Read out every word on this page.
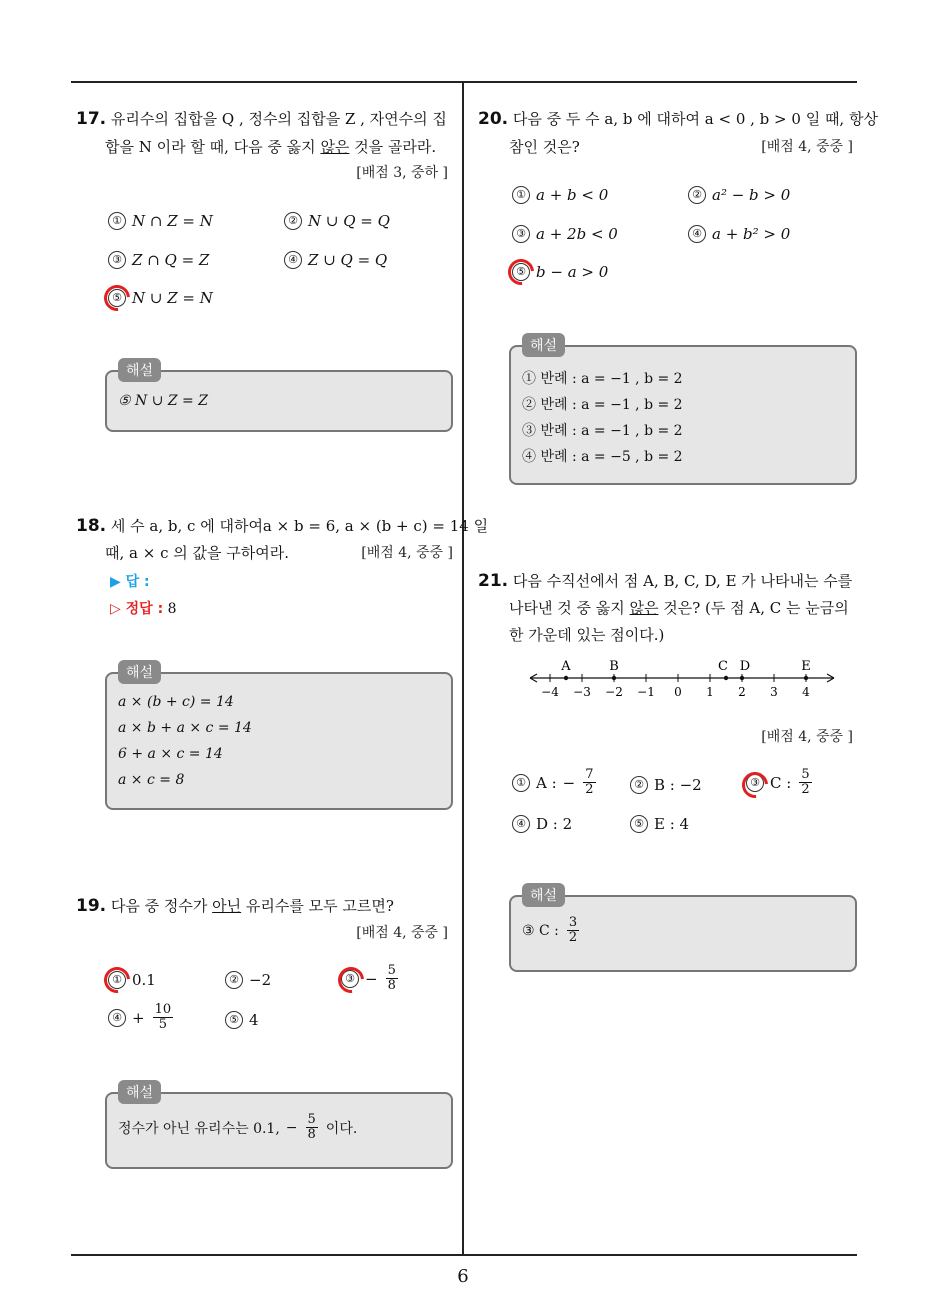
17. 유리수의 집합을 Q , 정수의 집합을 Z , 자연수의 집
합을 N 이라 할 때, 다음 중 옳지 않은 것을 골라라.
[배점 3, 중하 ]
① N ∩ Z = N	② N ∪ Q = Q
③ Z ∩ Q = Z	④ Z ∪ Q = Q
⑤ N ∪ Z = N
해설
⑤ N ∪ Z = Z
18. 세 수 a, b, c 에 대하여a × b = 6, a × (b + c) = 14 일
때, a × c 의 값을 구하여라.	[배점 4, 중중 ]
▶ 답 :
▷ 정답 : 8
해설
a × (b + c) = 14
a × b + a × c = 14
6 + a × c = 14
a × c = 8
19. 다음 중 정수가 아닌 유리수를 모두 고르면?
[배점 4, 중중 ]
① 0.1	② −2	③ − $\frac{5}{8}$
④ + $\frac{10}{5}$	⑤ 4
해설
정수가 아닌 유리수는 0.1, − $\frac{5}{8}$ 이다.
20. 다음 중 두 수 a, b 에 대하여 a < 0 , b > 0 일 때, 항상
참인 것은?	[배점 4, 중중 ]
① a + b < 0	② a² − b > 0
③ a + 2b < 0	④ a + b² > 0
⑤ b − a > 0
해설
① 반례 : a = −1 , b = 2
② 반례 : a = −1 , b = 2
③ 반례 : a = −1 , b = 2
④ 반례 : a = −5 , b = 2
21. 다음 수직선에서 점 A, B, C, D, E 가 나타내는 수를
나타낸 것 중 옳지 않은 것은? (두 점 A, C 는 눈금의
한 가운데 있는 점이다.)
−4 −3 −2 −1 0 1 2 3 4
A	B	C D	E
[배점 4, 중중 ]
① A : − $\frac{7}{2}$	② B : −2	③ C : $\frac{5}{2}$
④ D : 2	⑤ E : 4
해설
③ C : $\frac{3}{2}$
6
